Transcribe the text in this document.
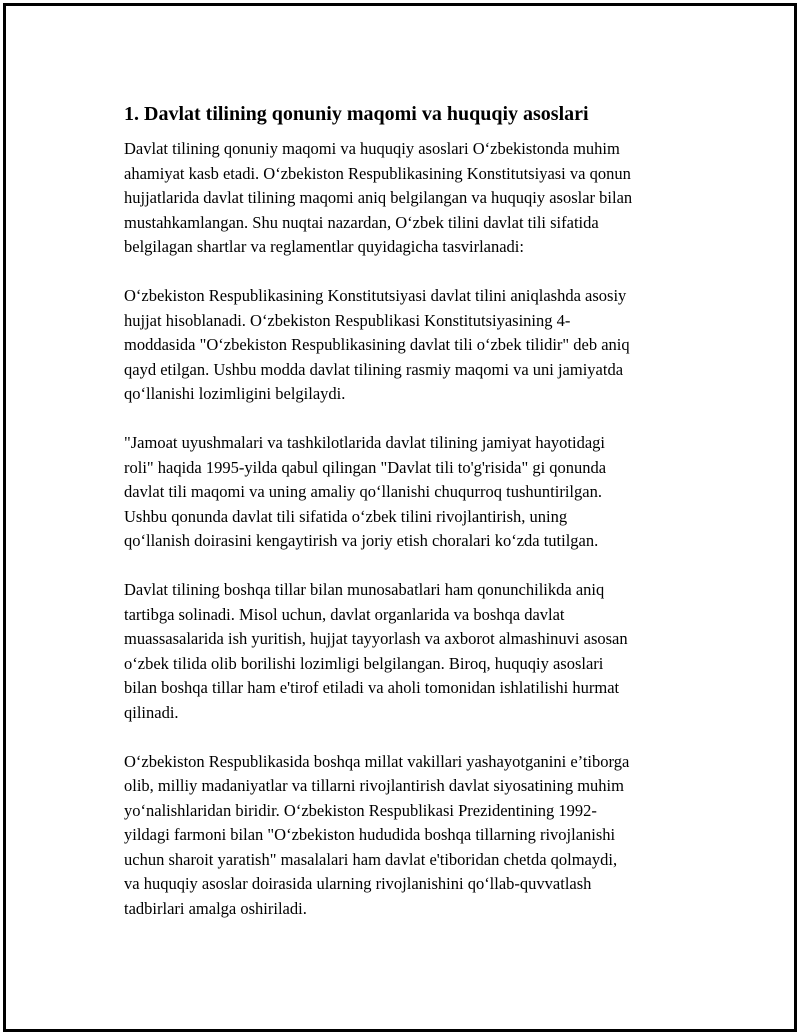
1. Davlat tilining qonuniy maqomi va huquqiy asoslari

Davlat tilining qonuniy maqomi va huquqiy asoslari O‘zbekistonda muhim
ahamiyat kasb etadi. O‘zbekiston Respublikasining Konstitutsiyasi va qonun
hujjatlarida davlat tilining maqomi aniq belgilangan va huquqiy asoslar bilan
mustahkamlangan. Shu nuqtai nazardan, O‘zbek tilini davlat tili sifatida
belgilagan shartlar va reglamentlar quyidagicha tasvirlanadi:

O‘zbekiston Respublikasining Konstitutsiyasi davlat tilini aniqlashda asosiy
hujjat hisoblanadi. O‘zbekiston Respublikasi Konstitutsiyasining 4-
moddasida "O‘zbekiston Respublikasining davlat tili o‘zbek tilidir" deb aniq
qayd etilgan. Ushbu modda davlat tilining rasmiy maqomi va uni jamiyatda
qo‘llanishi lozimligini belgilaydi.

"Jamoat uyushmalari va tashkilotlarida davlat tilining jamiyat hayotidagi
roli" haqida 1995-yilda qabul qilingan "Davlat tili to'g'risida" gi qonunda
davlat tili maqomi va uning amaliy qo‘llanishi chuqurroq tushuntirilgan.
Ushbu qonunda davlat tili sifatida o‘zbek tilini rivojlantirish, uning
qo‘llanish doirasini kengaytirish va joriy etish choralari ko‘zda tutilgan.

Davlat tilining boshqa tillar bilan munosabatlari ham qonunchilikda aniq
tartibga solinadi. Misol uchun, davlat organlarida va boshqa davlat
muassasalarida ish yuritish, hujjat tayyorlash va axborot almashinuvi asosan
o‘zbek tilida olib borilishi lozimligi belgilangan. Biroq, huquqiy asoslari
bilan boshqa tillar ham e'tirof etiladi va aholi tomonidan ishlatilishi hurmat
qilinadi.

O‘zbekiston Respublikasida boshqa millat vakillari yashayotganini e’tiborga
olib, milliy madaniyatlar va tillarni rivojlantirish davlat siyosatining muhim
yo‘nalishlaridan biridir. O‘zbekiston Respublikasi Prezidentining 1992-
yildagi farmoni bilan "O‘zbekiston hududida boshqa tillarning rivojlanishi
uchun sharoit yaratish" masalalari ham davlat e'tiboridan chetda qolmaydi,
va huquqiy asoslar doirasida ularning rivojlanishini qo‘llab-quvvatlash
tadbirlari amalga oshiriladi.
